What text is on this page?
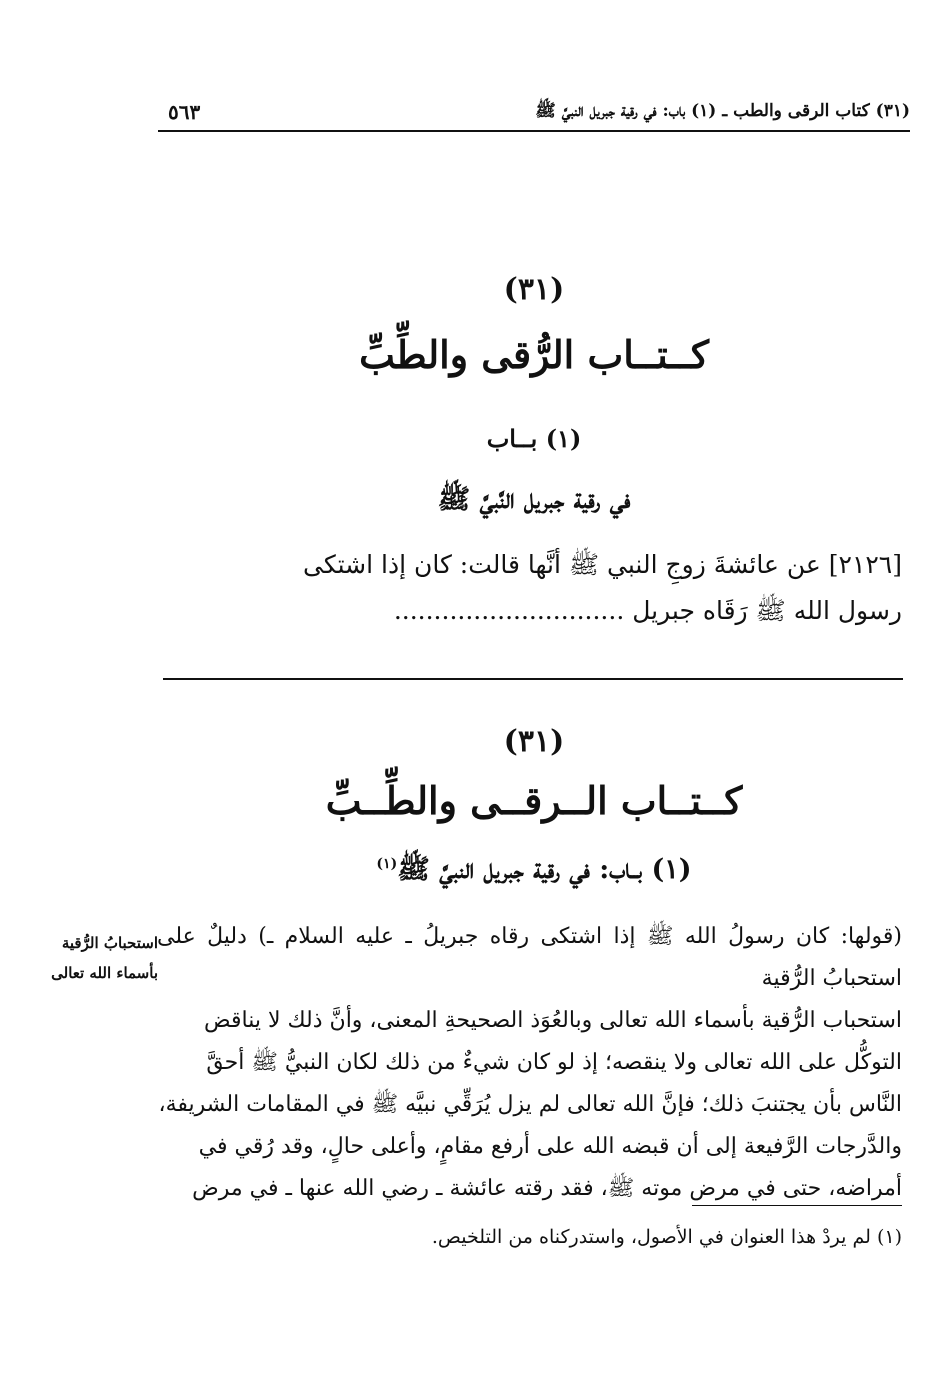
٥٦٣	(٣١) كتاب الرقى والطب ـ (١) باب: في رقية جبريل النبيَّ ﷺ
(٣١)
كــتــاب الرُّقى والطِّبِّ
(١) بــاب
في رقية جبريل النَّبيَّ ﷺ
[٢١٢٦] عن عائشةَ زوجِ النبي ﷺ أنَّها قالت: كان إذا اشتكى
رسول الله ﷺ رَقَاه جبريل .............................
(٣١)
كــتــاب الــرقــى والطِّــبِّ
(١) بــاب: في رقية جبريل النبيَّ ﷺ$^{(١)}$
(قولها: كان رسولُ الله ﷺ إذا اشتكى رقاه جبريلُ ـ عليه السلام ـ) دليلٌ على استحبابُ الرُّقية
استحباب الرُّقية بأسماء الله تعالى وبالعُوَذ الصحيحةِ المعنى، وأنَّ ذلك لا يناقض
التوكُّل على الله تعالى ولا ينقصه؛ إذ لو كان شيءٌ من ذلك لكان النبيُّ ﷺ أحقَّ
النَّاس بأن يجتنبَ ذلك؛ فإنَّ الله تعالى لم يزل يُرَقِّي نبيَّه ﷺ في المقامات الشريفة،
والدَّرجات الرَّفيعة إلى أن قبضه الله على أرفع مقامٍ، وأعلى حالٍ، وقد رُقي في
أمراضه، حتى في مرض موته ﷺ، فقد رقته عائشة ـ رضي الله عنها ـ في مرض
استحبابُ الرُّقية
بأسماء الله تعالى
(١) لم يردْ هذا العنوان في الأصول، واستدركناه من التلخيص.
